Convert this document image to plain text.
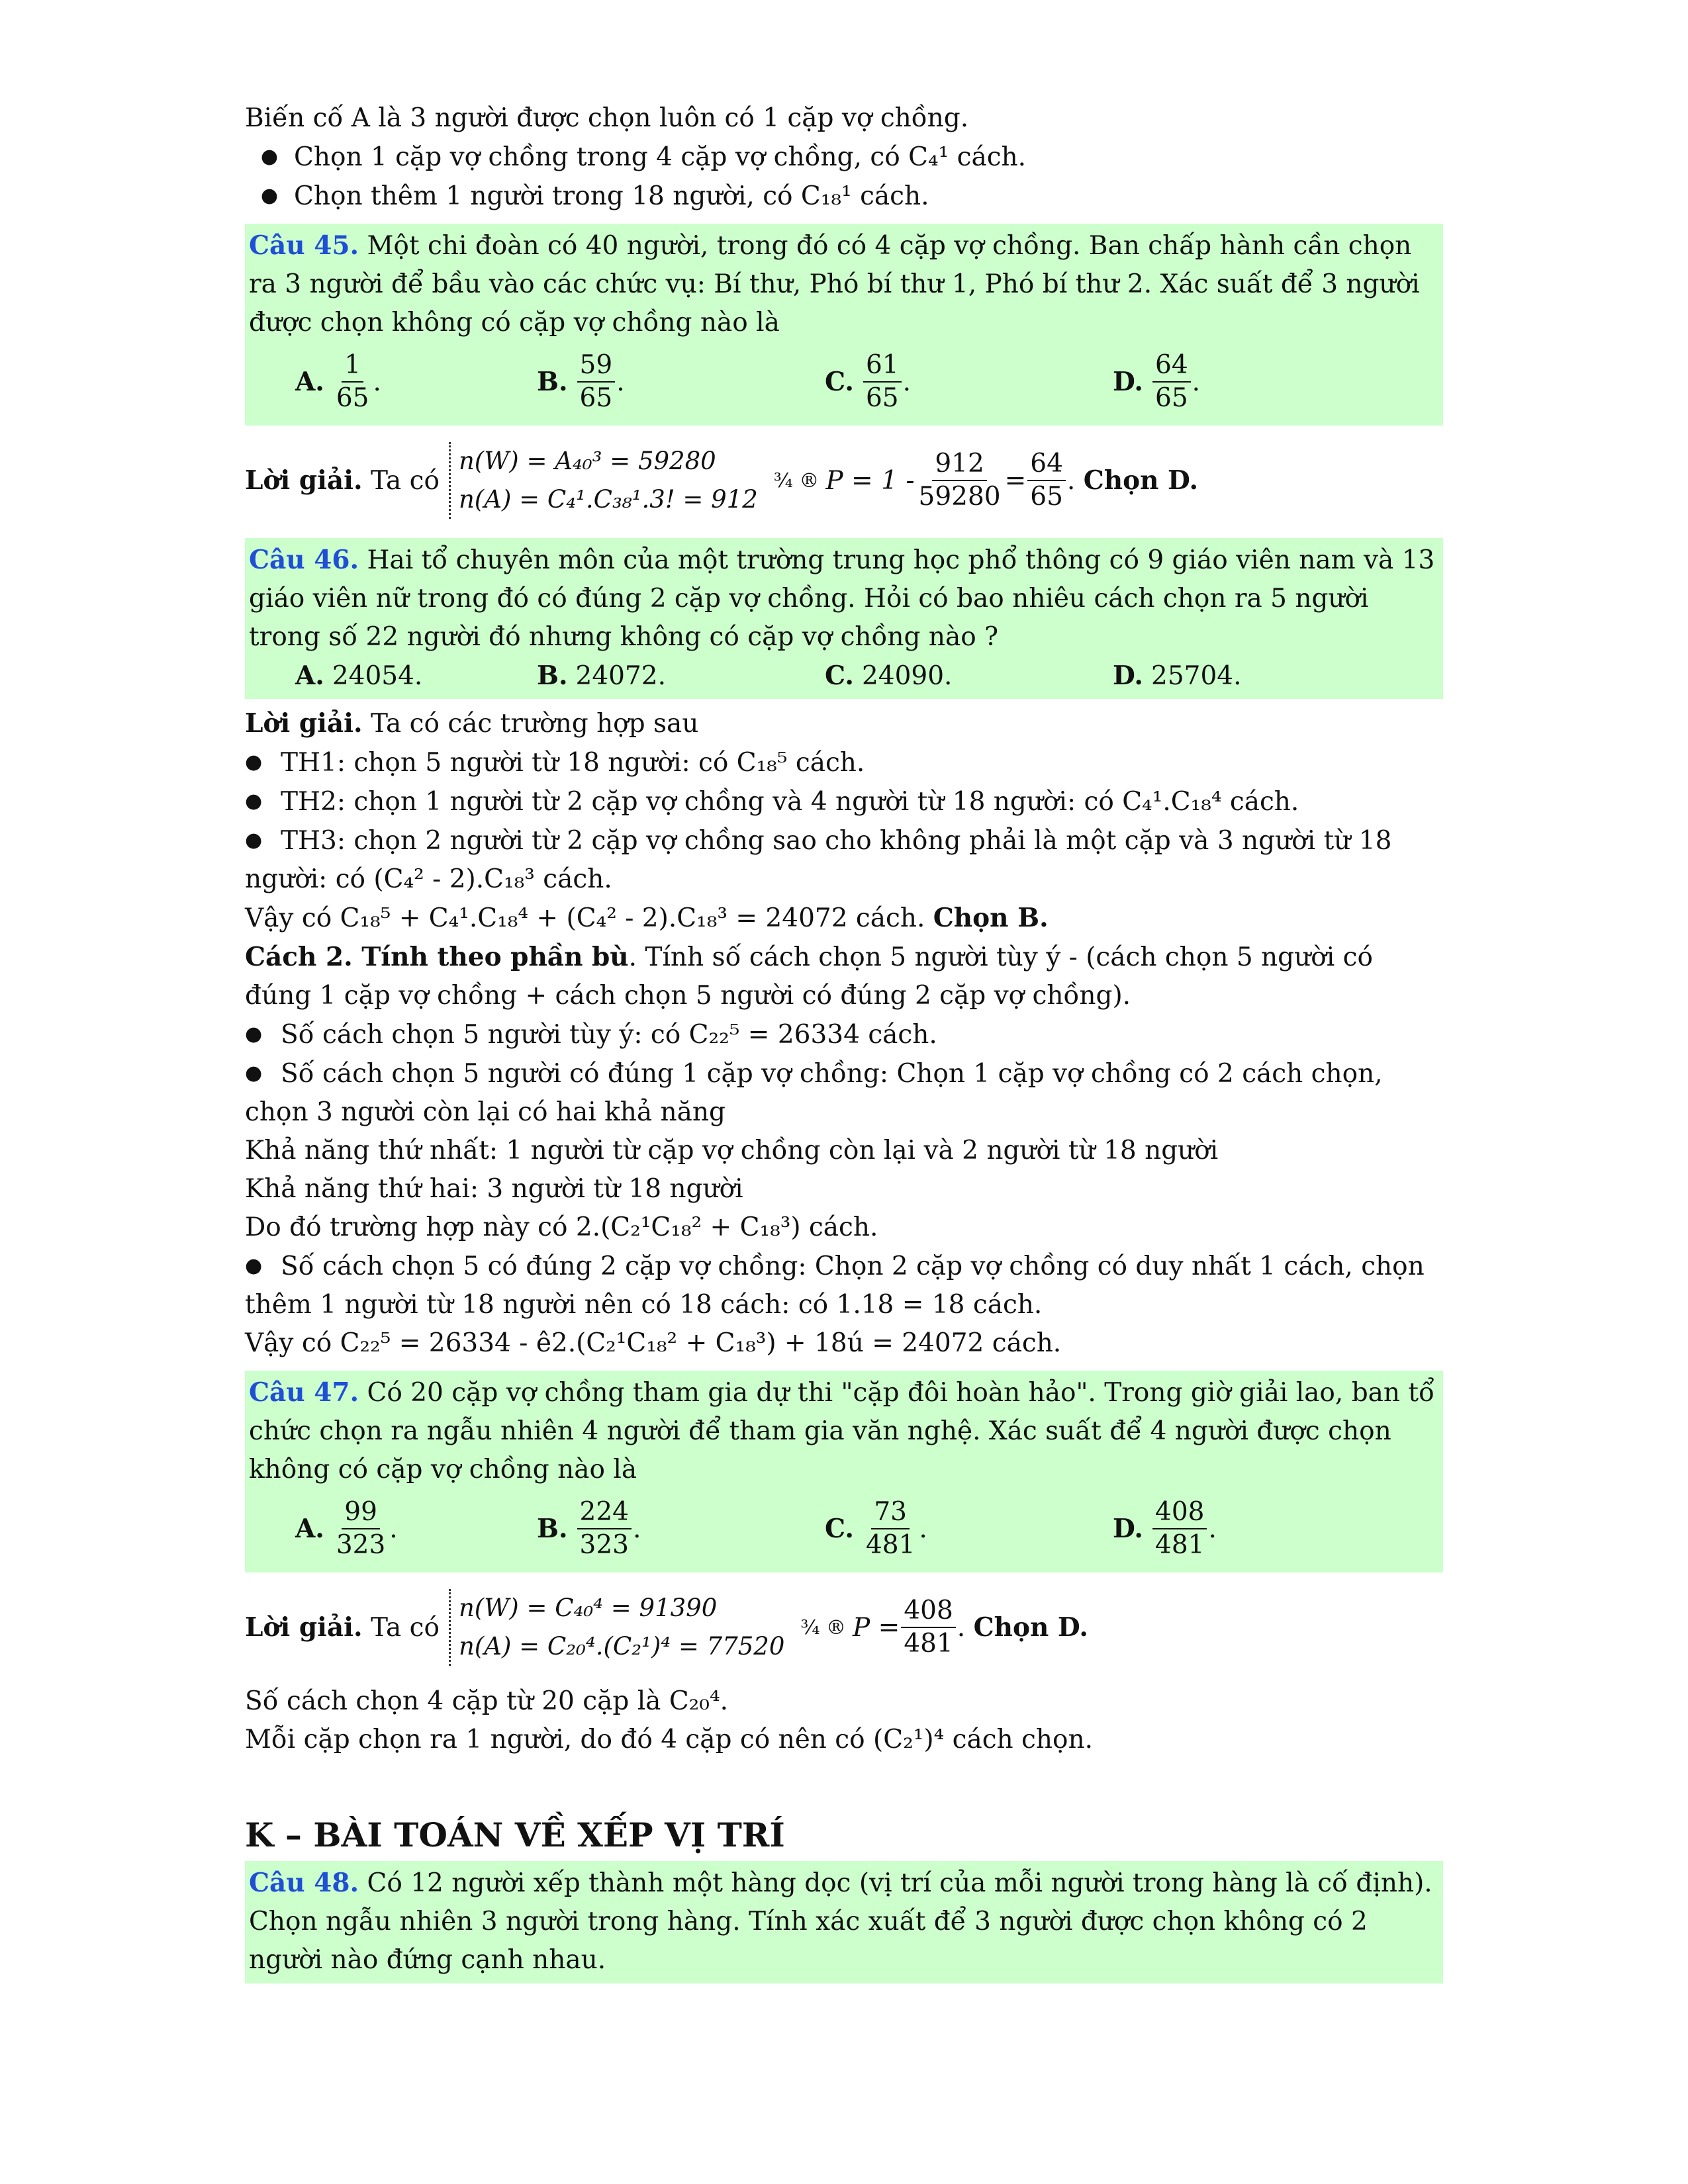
Biến cố A là 3 người được chọn luôn có 1 cặp vợ chồng.

● Chọn 1 cặp vợ chồng trong 4 cặp vợ chồng, có C₄¹ cách.

● Chọn thêm 1 người trong 18 người, có C₁₈¹ cách.

Câu 45. Một chi đoàn có 40 người, trong đó có 4 cặp vợ chồng. Ban chấp hành cần chọn ra 3 người để bầu vào các chức vụ: Bí thư, Phó bí thư 1, Phó bí thư 2. Xác suất để 3 người được chọn không có cặp vợ chồng nào là

A. $\frac{1}{65}$ .	B. $\frac{59}{65}$ .	C. $\frac{61}{65}$ .	D. $\frac{64}{65}$ .
Lời giải.
Ta có
n(W) = A₄₀³ = 59280
n(A) = C₄¹.C₃₈¹.3! = 912
¾ ® $P = 1 - \frac{912}{59280} = \frac{64}{65}$ . Chọn D.

Câu 46. Hai tổ chuyên môn của một trường trung học phổ thông có 9 giáo viên nam và 13 giáo viên nữ trong đó có đúng 2 cặp vợ chồng. Hỏi có bao nhiêu cách chọn ra 5 người trong số 22 người đó nhưng không có cặp vợ chồng nào ?

A. 24054.	B. 24072.	C. 24090.	D. 25704.

Lời giải. Ta có các trường hợp sau

● TH1: chọn 5 người từ 18 người: có C₁₈⁵ cách.

● TH2: chọn 1 người từ 2 cặp vợ chồng và 4 người từ 18 người: có C₄¹.C₁₈⁴ cách.

● TH3: chọn 2 người từ 2 cặp vợ chồng sao cho không phải là một cặp và 3 người từ 18 người: có (C₄² - 2).C₁₈³ cách.

Vậy có C₁₈⁵ + C₄¹.C₁₈⁴ + (C₄² - 2).C₁₈³ = 24072 cách. Chọn B.

Cách 2. Tính theo phần bù. Tính số cách chọn 5 người tùy ý - (cách chọn 5 người có đúng 1 cặp vợ chồng + cách chọn 5 người có đúng 2 cặp vợ chồng).

● Số cách chọn 5 người tùy ý: có C₂₂⁵ = 26334 cách.

● Số cách chọn 5 người có đúng 1 cặp vợ chồng: Chọn 1 cặp vợ chồng có 2 cách chọn, chọn 3 người còn lại có hai khả năng

Khả năng thứ nhất: 1 người từ cặp vợ chồng còn lại và 2 người từ 18 người

Khả năng thứ hai: 3 người từ 18 người

Do đó trường hợp này có 2.(C₂¹C₁₈² + C₁₈³) cách.

● Số cách chọn 5 có đúng 2 cặp vợ chồng: Chọn 2 cặp vợ chồng có duy nhất 1 cách, chọn thêm 1 người từ 18 người nên có 18 cách: có 1.18 = 18 cách.

Vậy có C₂₂⁵ = 26334 - ê2.(C₂¹C₁₈² + C₁₈³) + 18ú = 24072 cách.

Câu 47. Có 20 cặp vợ chồng tham gia dự thi "cặp đôi hoàn hảo". Trong giờ giải lao, ban tổ chức chọn ra ngẫu nhiên 4 người để tham gia văn nghệ. Xác suất để 4 người được chọn không có cặp vợ chồng nào là

A. $\frac{99}{323}$ .	B. $\frac{224}{323}$ .	C. $\frac{73}{481}$ .	D. $\frac{408}{481}$ .
Lời giải.
Ta có
n(W) = C₄₀⁴ = 91390
n(A) = C₂₀⁴.(C₂¹)⁴ = 77520
¾ ® $P = \frac{408}{481}$ . Chọn D.

Số cách chọn 4 cặp từ 20 cặp là C₂₀⁴.

Mỗi cặp chọn ra 1 người, do đó 4 cặp có nên có (C₂¹)⁴ cách chọn.

K – BÀI TOÁN VỀ XẾP VỊ TRÍ

Câu 48. Có 12 người xếp thành một hàng dọc (vị trí của mỗi người trong hàng là cố định). Chọn ngẫu nhiên 3 người trong hàng. Tính xác xuất để 3 người được chọn không có 2 người nào đứng cạnh nhau.
